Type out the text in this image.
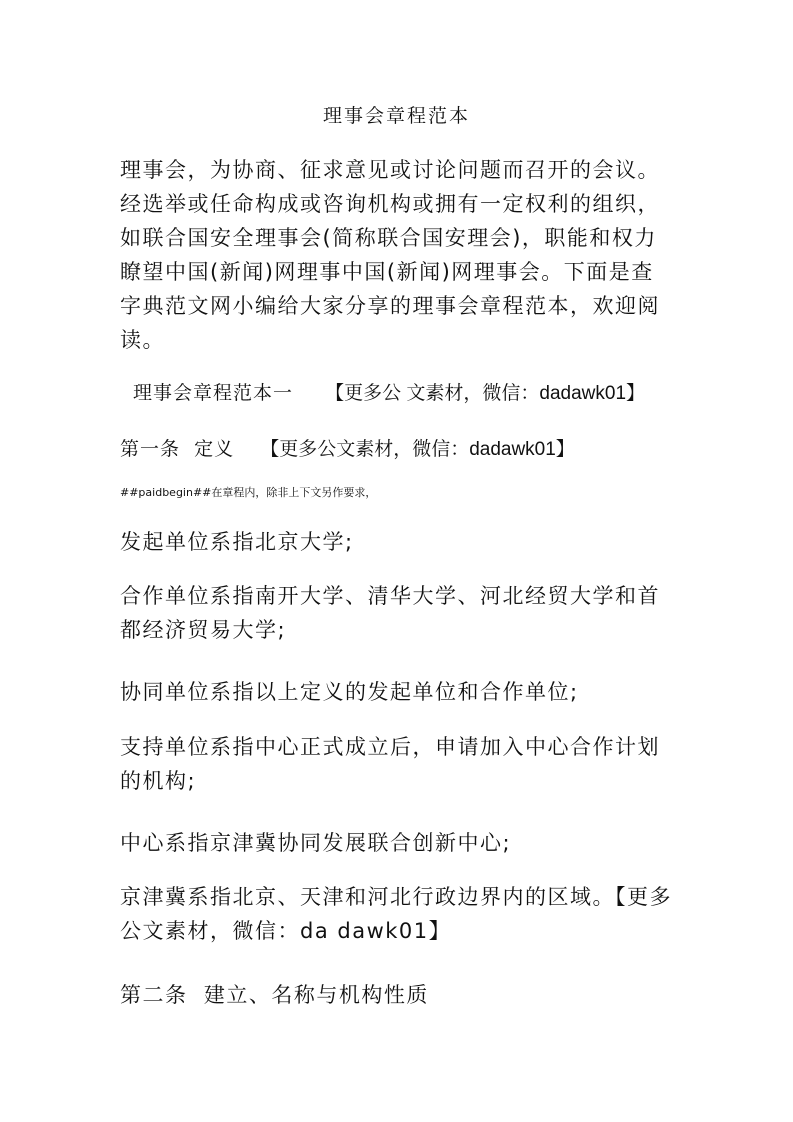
理事会章程范本
理事会，为协商、征求意见或讨论问题而召开的会议。经选举或任命构成或咨询机构或拥有一定权利的组织，如联合国安全理事会(简称联合国安理会)，职能和权力瞭望中国(新闻)网理事中国(新闻)网理事会。下面是查字典范文网小编给大家分享的理事会章程范本，欢迎阅读。
理事会章程范本一 【更多公 文素材，微信：dadawk01】
第一条  定义 【更多公文素材，微信：dadawk01】
##paidbegin##在章程内，除非上下文另作要求，
发起单位系指北京大学;
合作单位系指南开大学、清华大学、河北经贸大学和首都经济贸易大学;
协同单位系指以上定义的发起单位和合作单位;
支持单位系指中心正式成立后，申请加入中心合作计划的机构;
中心系指京津冀协同发展联合创新中心;
京津冀系指北京、天津和河北行政边界内的区域。【更多公文素材，微信：da dawk01】
第二条  建立、名称与机构性质
